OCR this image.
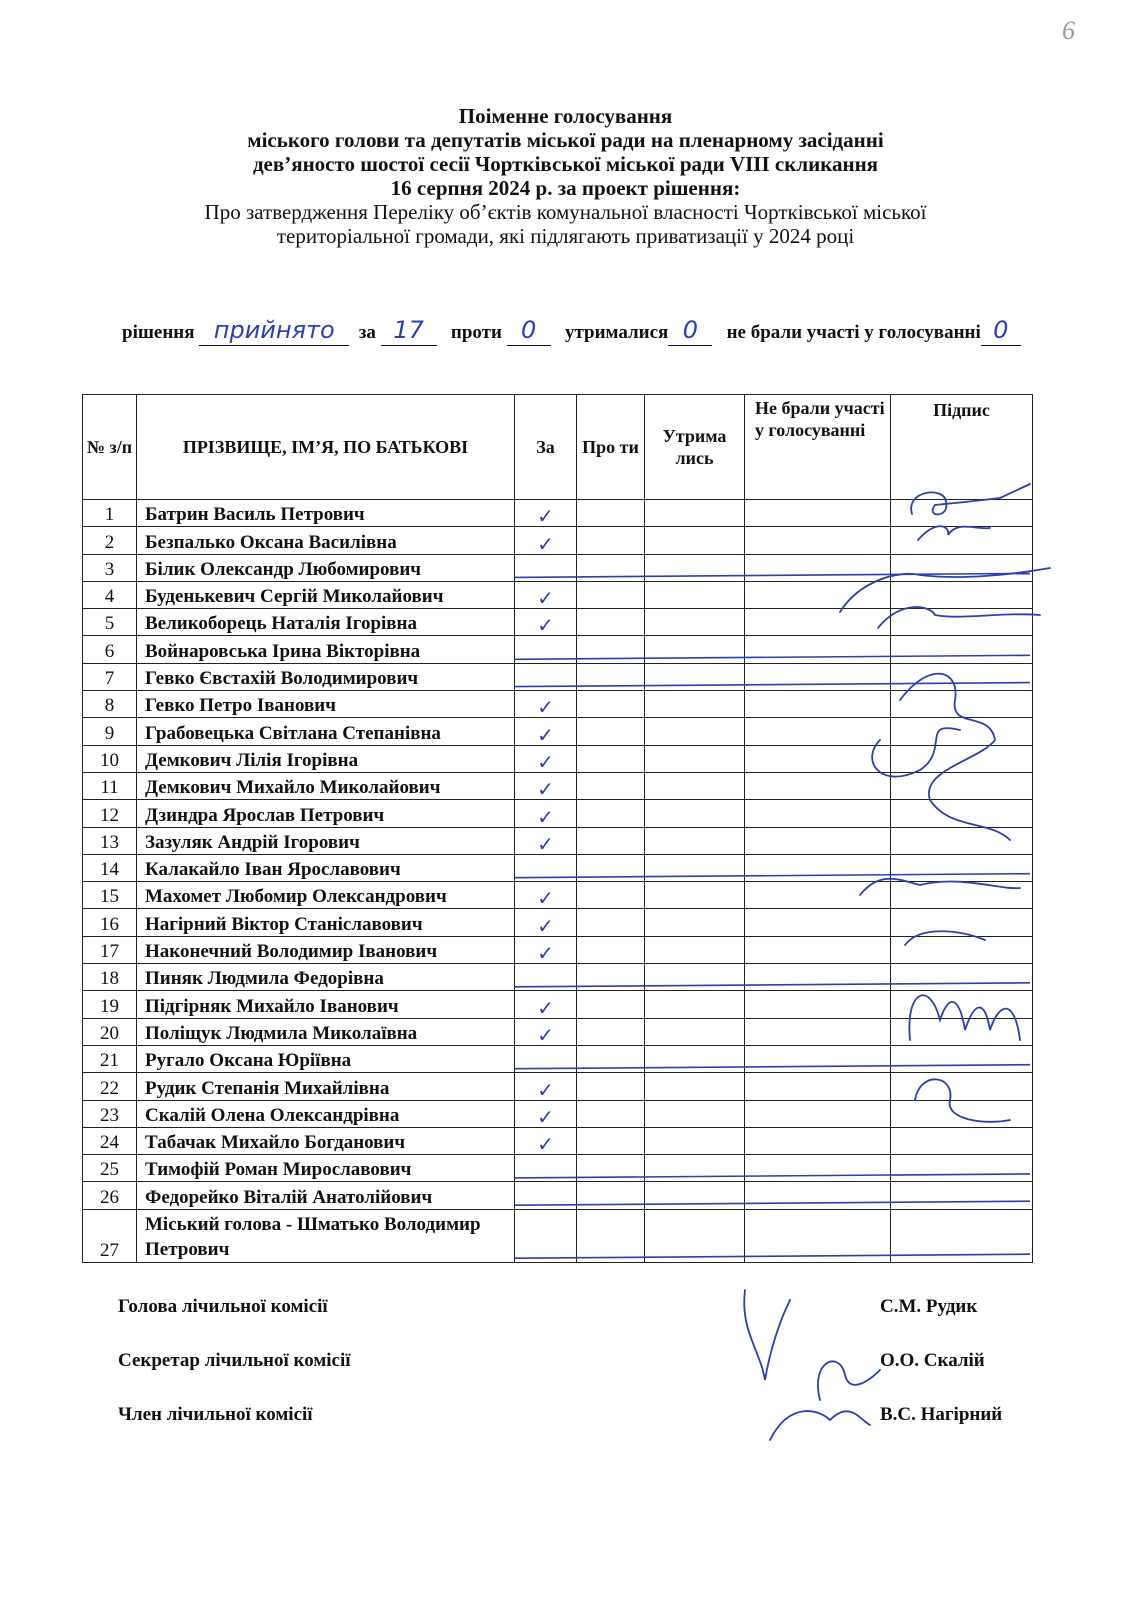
6
Поіменне голосування
міського голови та депутатів міської ради на пленарному засіданні
дев’яносто шостої сесії Чортківської міської ради VIII скликання
16 серпня 2024 р. за проект рішення:
Про затвердження Переліку об’єктів комунальної власності Чортківської міської
територіальної громади, які підлягають приватизації у 2024 році
рішення прийнято за 17 проти 0 утрималися 0 не брали участі у голосуванні 0
№ з/п	ПРІЗВИЩЕ, ІМ’Я, ПО БАТЬКОВІ	За	Про ти	Утрима лись	Не брали участі у голосуванні	Підпис
1	Батрин Василь Петрович	✓				

2	Безпалько Оксана Василівна	✓				

3	Білик Олександр Любомирович	

4	Буденькевич Сергій Миколайович	✓				

5	Великоборець Наталія Ігорівна	✓				

6	Войнаровська Ірина Вікторівна	

7	Гевко Євстахій Володимирович	

8	Гевко Петро Іванович	✓				

9	Грабовецька Світлана Степанівна	✓				

10	Демкович Лілія Ігорівна	✓				

11	Демкович Михайло Миколайович	✓				

12	Дзиндра Ярослав Петрович	✓				

13	Зазуляк Андрій Ігорович	✓				

14	Калакайло Іван Ярославович	

15	Махомет Любомир Олександрович	✓				

16	Нагірний Віктор Станіславович	✓				

17	Наконечний Володимир Іванович	✓				

18	Пиняк Людмила Федорівна	

19	Підгірняк Михайло Іванович	✓				

20	Поліщук Людмила Миколаївна	✓				

21	Ругало Оксана Юріївна	

22	Рудик Степанія Михайлівна	✓				

23	Скалій Олена Олександрівна	✓				

24	Табачак Михайло Богданович	✓				

25	Тимофій Роман Мирославович	

26	Федорейко Віталій Анатолійович	

27	Міський голова - Шматько Володимир Петрович	

Голова лічильної комісії	С.М. Рудик
Секретар лічильної комісії	О.О. Скалій
Член лічильної комісії	В.С. Нагірний
